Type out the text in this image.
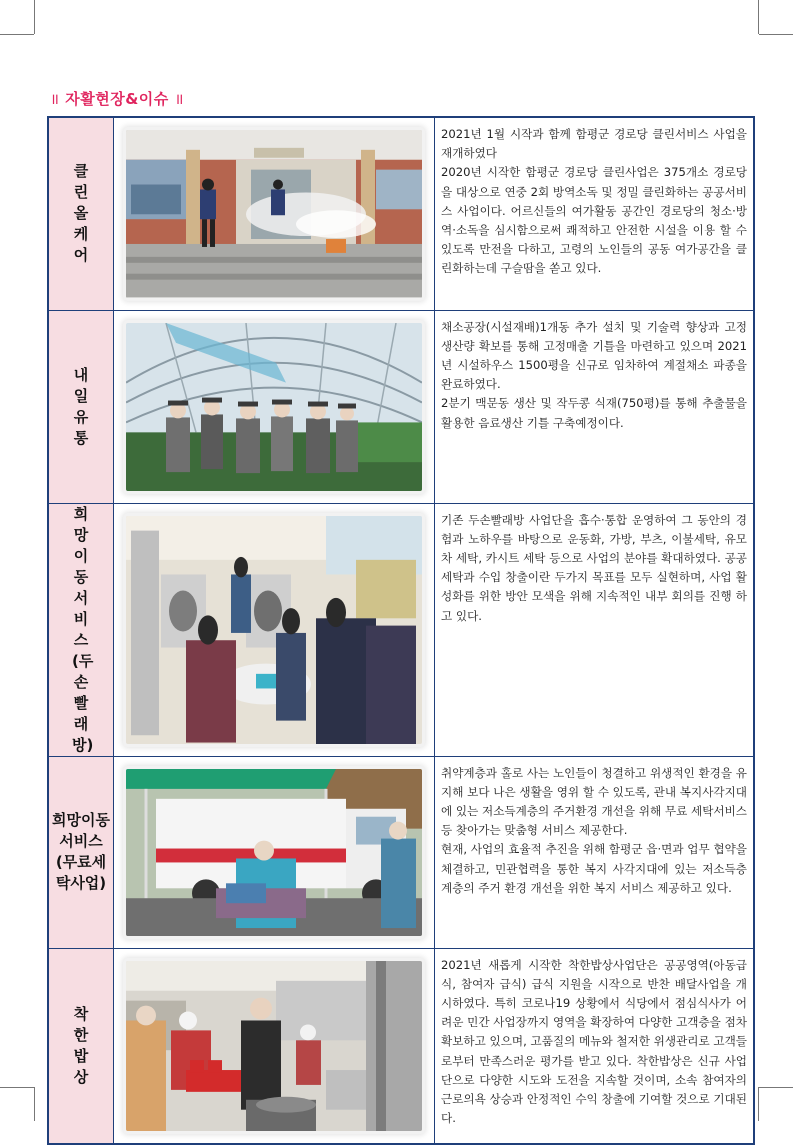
॥ 자활현장&이슈 ॥
클린올케어		2021년 1월 시작과 함께 함평군 경로당 클린서비스 사업을 재개하였다

2020년 시작한 함평군 경로당 클린사업은 375개소 경로당을 대상으로 연중 2회 방역소독 및 정밀 클린화하는 공공서비스 사업이다. 어르신들의 여가활동 공간인 경로당의 청소·방역·소독을 심시함으로써 쾌적하고 안전한 시설을 이용 할 수 있도록 만전을 다하고, 고령의 노인들의 공동 여가공간을 클린화하는데 구슬땀을 쏟고 있다.

내일유통		채소공장(시설재배)1개동 추가 설치 및 기술력 향상과 고정생산량 확보를 통해 고정매출 기틀을 마련하고 있으며 2021년 시설하우스 1500평을 신규로 임차하여 계절채소 파종을 완료하였다.

2분기 맥문동 생산 및 작두콩 식재(750평)를 통해 추출물을 활용한 음료생산 기틀 구축예정이다.

희망이동서비스(두손빨래방)		기존 두손빨래방 사업단을 흡수·통합 운영하여 그 동안의 경험과 노하우를 바탕으로 운동화, 가방, 부츠, 이불세탁, 유모차 세탁, 카시트 세탁 등으로 사업의 분야를 확대하였다. 공공 세탁과 수입 창출이란 두가지 목표를 모두 실현하며, 사업 활성화를 위한 방안 모색을 위해 지속적인 내부 회의를 진행 하고 있다.

희망이동서비스(무료세탁사업)		취약계층과 홀로 사는 노인들이 청결하고 위생적인 환경을 유지해 보다 나은 생활을 영위 할 수 있도록, 관내 복지사각지대에 있는 저소득계층의 주거환경 개선을 위해 무료 세탁서비스 등 찾아가는 맞춤형 서비스 제공한다.

현재, 사업의 효율적 추진을 위해 함평군 읍·면과 업무 협약을 체결하고, 민관협력을 통한 복지 사각지대에 있는 저소득층 계층의 주거 환경 개선을 위한 복지 서비스 제공하고 있다.

착한밥상		2021년 새롭게 시작한 착한밥상사업단은 공공영역(아동급식, 참여자 급식) 급식 지원을 시작으로 반찬 배달사업을 개시하였다. 특히 코로나19 상황에서 식당에서 점심식사가 어려운 민간 사업장까지 영역을 확장하여 다양한 고객층을 점차 확보하고 있으며, 고품질의 메뉴와 철저한 위생관리로 고객들로부터 만족스러운 평가를 받고 있다. 착한밥상은 신규 사업단으로 다양한 시도와 도전을 지속할 것이며, 소속 참여자의 근로의욕 상승과 안정적인 수익 창출에 기여할 것으로 기대된다.
